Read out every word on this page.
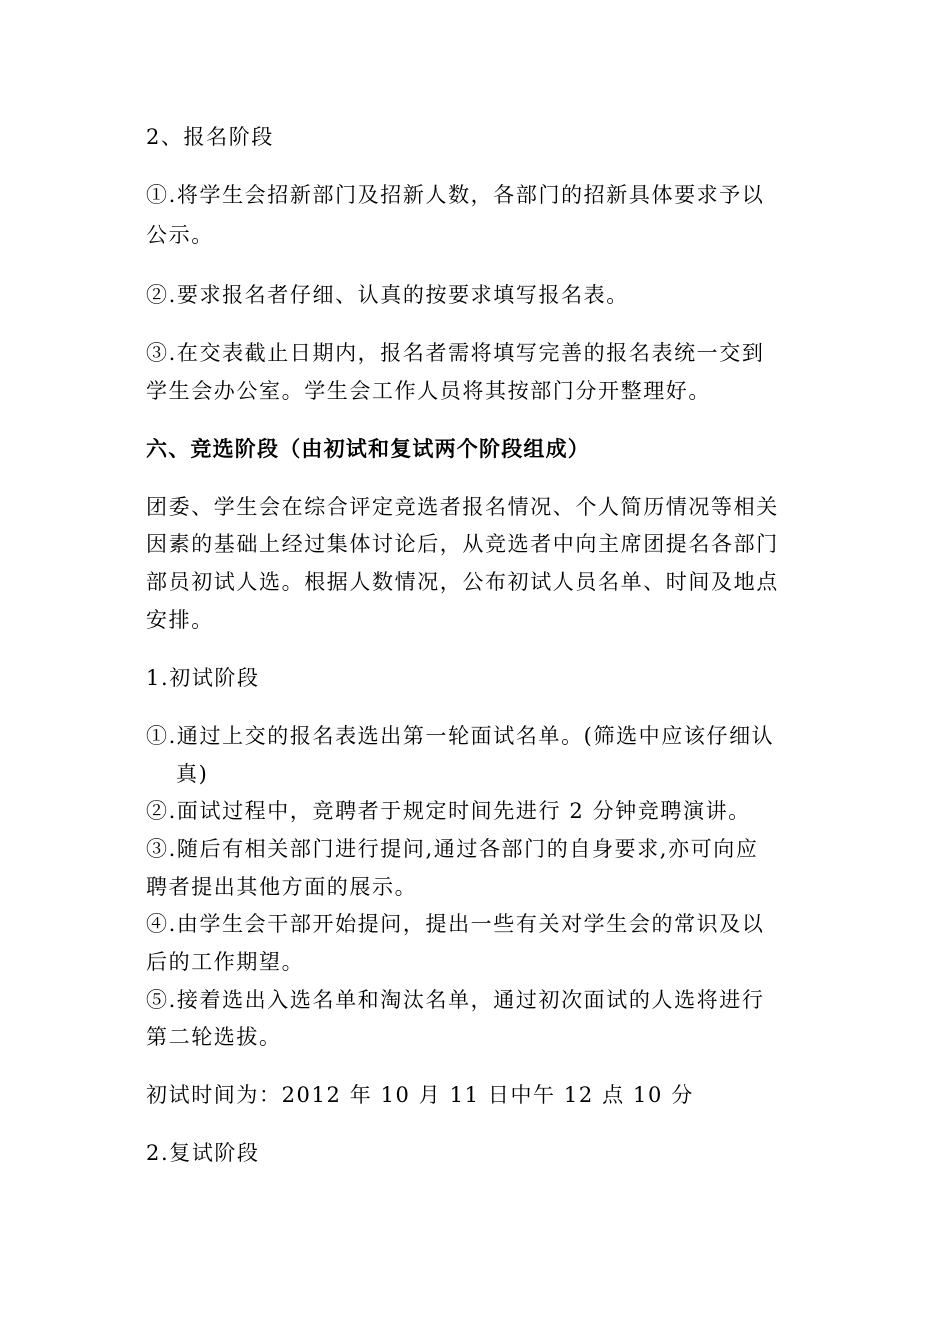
2、报名阶段
①.将学生会招新部门及招新人数，各部门的招新具体要求予以
公示。
②.要求报名者仔细、认真的按要求填写报名表。
③.在交表截止日期内，报名者需将填写完善的报名表统一交到
学生会办公室。学生会工作人员将其按部门分开整理好。
六、竞选阶段（由初试和复试两个阶段组成）
团委、学生会在综合评定竞选者报名情况、个人简历情况等相关
因素的基础上经过集体讨论后，从竞选者中向主席团提名各部门
部员初试人选。根据人数情况，公布初试人员名单、时间及地点
安排。
1.初试阶段
①.通过上交的报名表选出第一轮面试名单。(筛选中应该仔细认
真)
②.面试过程中，竞聘者于规定时间先进行 2 分钟竞聘演讲。
③.随后有相关部门进行提问,通过各部门的自身要求,亦可向应
聘者提出其他方面的展示。
④.由学生会干部开始提问，提出一些有关对学生会的常识及以
后的工作期望。
⑤.接着选出入选名单和淘汰名单，通过初次面试的人选将进行
第二轮选拔。
初试时间为：2012 年 10 月 11 日中午 12 点 10 分
2.复试阶段
